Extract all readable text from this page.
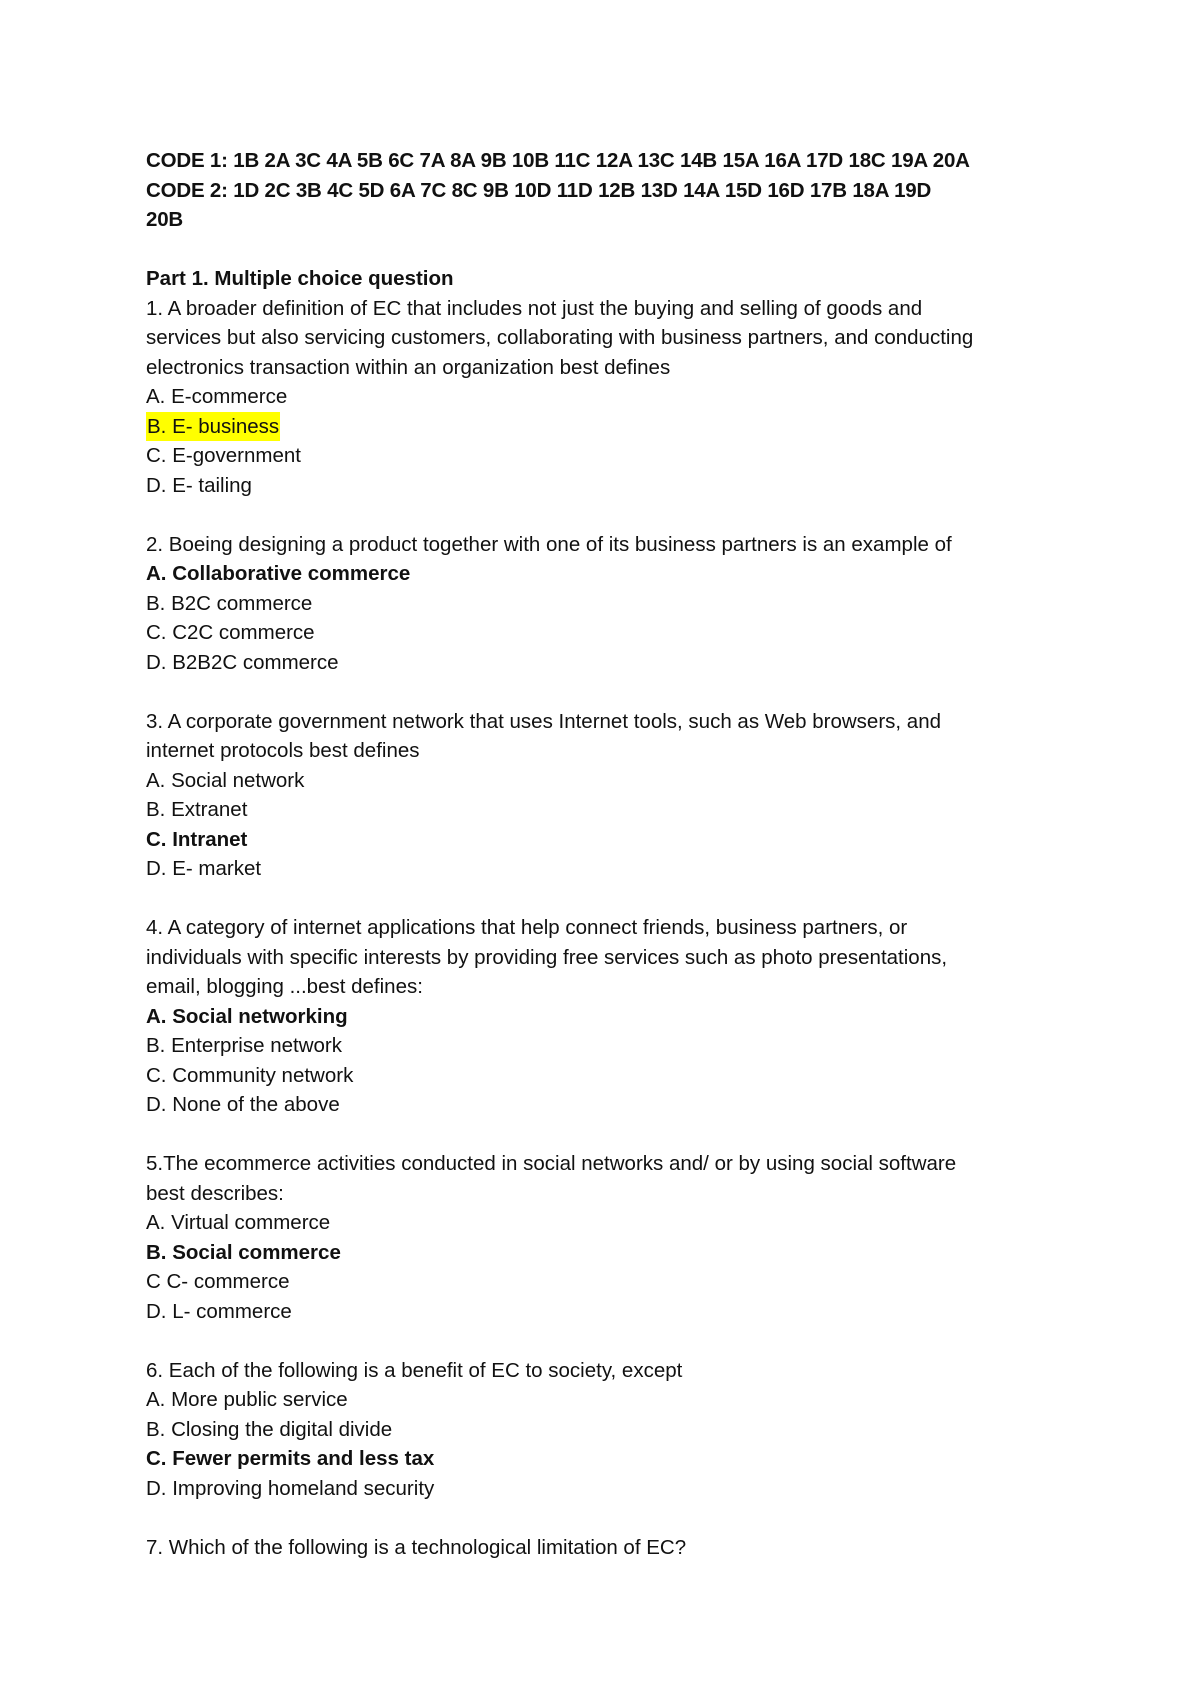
CODE 1: 1B 2A 3C 4A 5B 6C 7A 8A 9B 10B 11C 12A 13C 14B 15A 16A 17D 18C 19A 20A
CODE 2: 1D 2C 3B 4C 5D 6A 7C 8C 9B 10D 11D 12B 13D 14A 15D 16D 17B 18A 19D
20B
Part 1. Multiple choice question
1. A broader definition of EC that includes not just the buying and selling of goods and
services but also servicing customers, collaborating with business partners, and conducting
electronics transaction within an organization best defines
A. E-commerce
B. E- business
C. E-government
D. E- tailing
2. Boeing designing a product together with one of its business partners is an example of
A. Collaborative commerce
B. B2C commerce
C. C2C commerce
D. B2B2C commerce
3. A corporate government network that uses Internet tools, such as Web browsers, and
internet protocols best defines
A. Social network
B. Extranet
C. Intranet
D. E- market
4. A category of internet applications that help connect friends, business partners, or
individuals with specific interests by providing free services such as photo presentations,
email, blogging ...best defines:
A. Social networking
B. Enterprise network
C. Community network
D. None of the above
5.The ecommerce activities conducted in social networks and/ or by using social software
best describes:
A. Virtual commerce
B. Social commerce
C C- commerce
D. L- commerce
6. Each of the following is a benefit of EC to society, except
A. More public service
B. Closing the digital divide
C. Fewer permits and less tax
D. Improving homeland security
7. Which of the following is a technological limitation of EC?
